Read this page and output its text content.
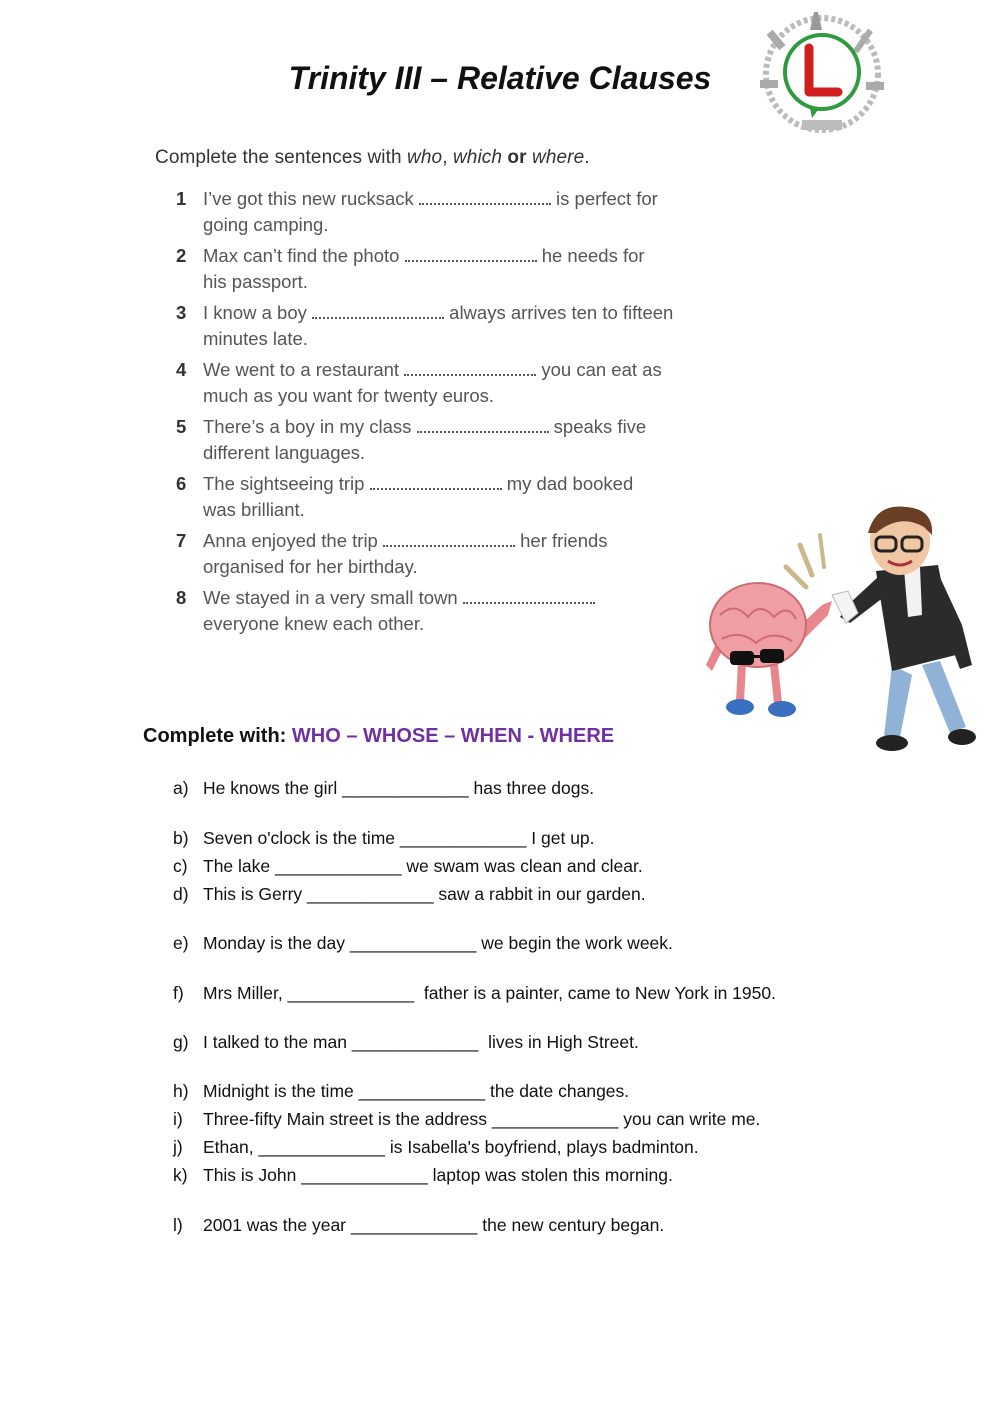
Trinity III – Relative Clauses
Complete the sentences with who, which or where.
1 I’ve got this new rucksack	is perfect for
going camping.
2 Max can’t find the photo	he needs for
his passport.
3 I know a boy	always arrives ten to fifteen
minutes late.
4 We went to a restaurant	you can eat as
much as you want for twenty euros.
5 There’s a boy in my class	speaks five
different languages.
6 The sightseeing trip	my dad booked
was brilliant.
7 Anna enjoyed the trip	her friends
organised for her birthday.
8 We stayed in a very small town
everyone knew each other.
Complete with: WHO – WHOSE – WHEN - WHERE
a) He knows the girl _____________ has three dogs.
b) Seven o'clock is the time _____________ I get up.
c) The lake _____________ we swam was clean and clear.
d) This is Gerry _____________ saw a rabbit in our garden.
e) Monday is the day _____________ we begin the work week.
f) Mrs Miller, _____________  father is a painter, came to New York in 1950.
g) I talked to the man _____________  lives in High Street.
h) Midnight is the time _____________ the date changes.
i) Three-fifty Main street is the address _____________ you can write me.
j) Ethan, _____________ is Isabella's boyfriend, plays badminton.
k) This is John _____________ laptop was stolen this morning.
l) 2001 was the year _____________ the new century began.
